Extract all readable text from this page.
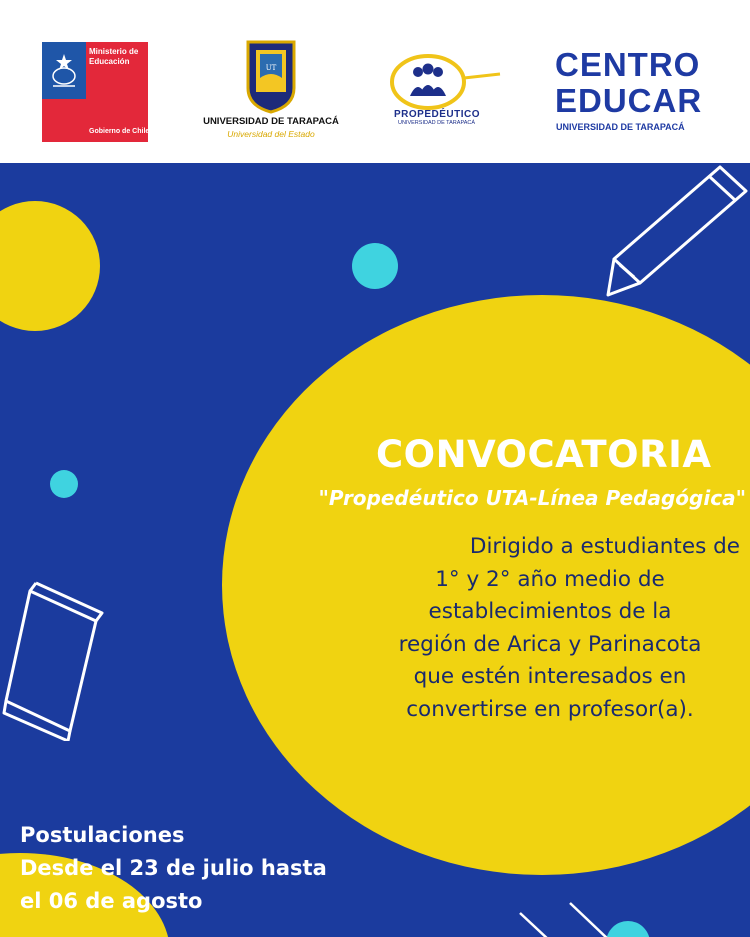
Ministerio de
Educación
Gobierno de Chile
UT
UNIVERSIDAD DE TARAPACÁ
Universidad del Estado
PROPEDÉUTICO
UNIVERSIDAD DE TARAPACÁ
CENTRO
EDUCAR
UNIVERSIDAD DE TARAPACÁ
CONVOCATORIA
"Propedéutico UTA-Línea Pedagógica"
Dirigido a estudiantes de
1° y 2° año medio de
establecimientos de la
región de Arica y Parinacota
que estén interesados en
convertirse en profesor(a).
Postulaciones
Desde el 23 de julio hasta
el 06 de agosto
